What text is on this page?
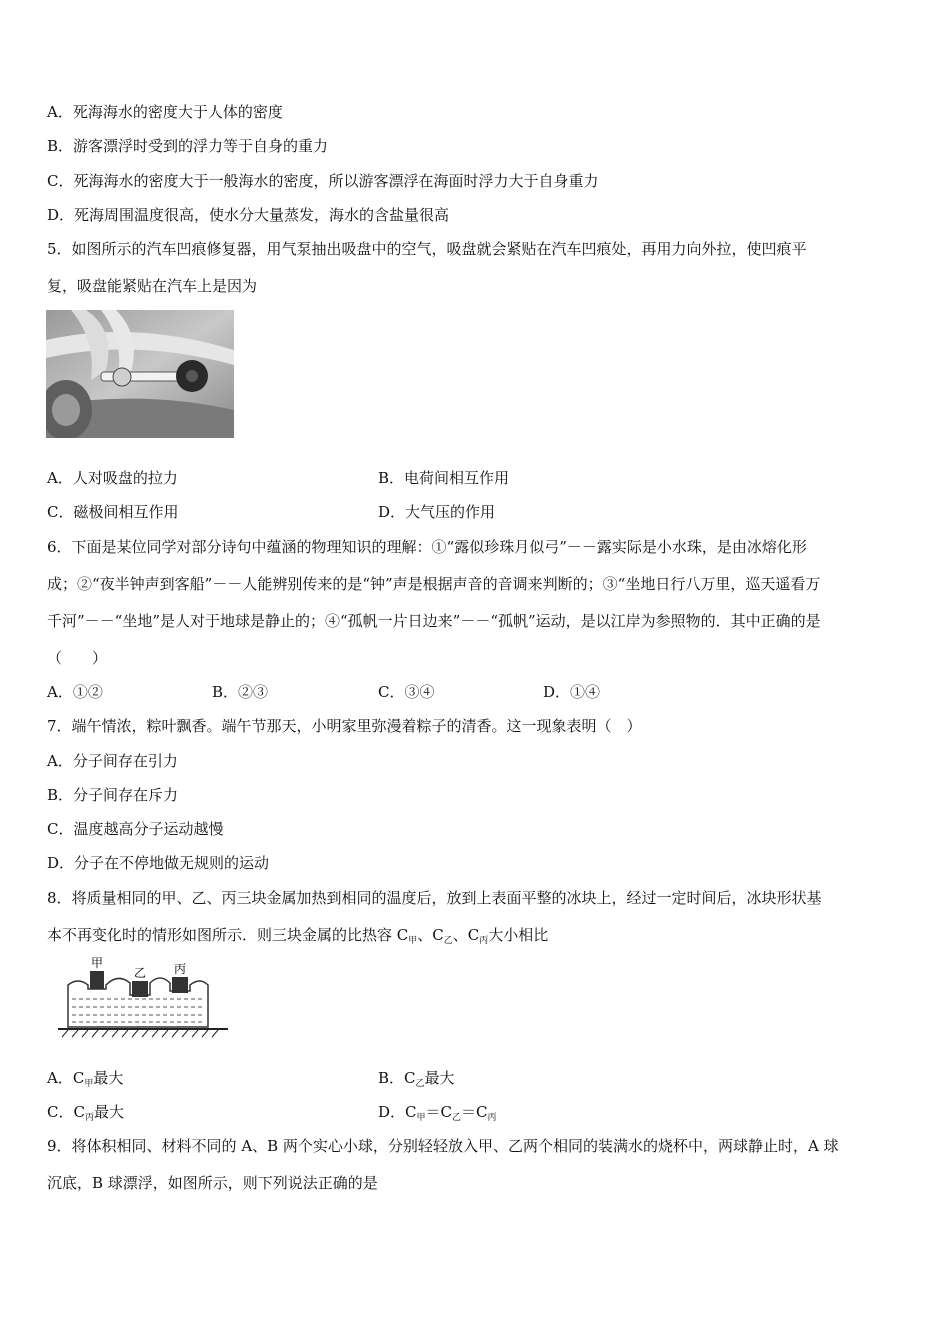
A．死海海水的密度大于人体的密度
B．游客漂浮时受到的浮力等于自身的重力
C．死海海水的密度大于一般海水的密度，所以游客漂浮在海面时浮力大于自身重力
D．死海周围温度很高，使水分大量蒸发，海水的含盐量很高
5．如图所示的汽车凹痕修复器，用气泵抽出吸盘中的空气，吸盘就会紧贴在汽车凹痕处，再用力向外拉，使凹痕平
复，吸盘能紧贴在汽车上是因为
A．人对吸盘的拉力	B．电荷间相互作用
C．磁极间相互作用	D．大气压的作用
6．下面是某位同学对部分诗句中蕴涵的物理知识的理解：①“露似珍珠月似弓”－－露实际是小水珠，是由冰熔化形
成；②“夜半钟声到客船”－－人能辨别传来的是“钟”声是根据声音的音调来判断的；③“坐地日行八万里，巡天遥看万
千河”－－“坐地”是人对于地球是静止的；④“孤帆一片日边来”－－“孤帆”运动，是以江岸为参照物的．其中正确的是
（　　）
A．①②	B．②③	C．③④	D．①④
7．端午情浓，粽叶飘香。端午节那天，小明家里弥漫着粽子的清香。这一现象表明（　）
A．分子间存在引力
B．分子间存在斥力
C．温度越高分子运动越慢
D．分子在不停地做无规则的运动
8．将质量相同的甲、乙、丙三块金属加热到相同的温度后，放到上表面平整的冰块上，经过一定时间后，冰块形状基
本不再变化时的情形如图所示．则三块金属的比热容 $C_甲$、$C_乙$、$C_丙$大小相比
甲
乙 丙
A．$C_甲$最大	B．$C_乙$最大
C．$C_丙$最大	D．$C_甲=C_乙=C_丙$
9．将体积相同、材料不同的 A、B 两个实心小球，分别轻轻放入甲、乙两个相同的装满水的烧杯中，两球静止时，A 球
沉底，B 球漂浮，如图所示，则下列说法正确的是
